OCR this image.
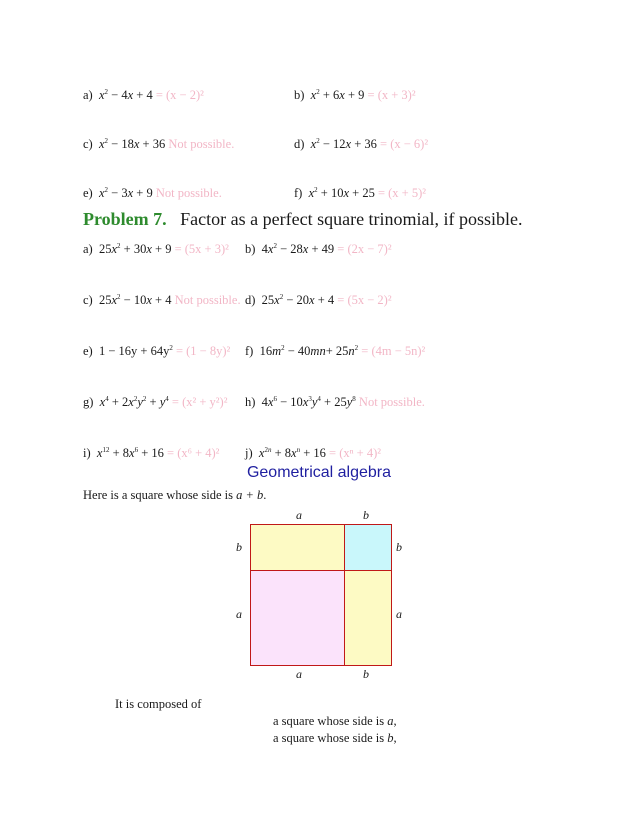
a) $x^2 - 4x + 4 = (x - 2)^2$	b) $x^2 + 6x + 9 = (x + 3)^2$
c) $x^2 - 18x + 36$ Not possible.	d) $x^2 - 12x + 36 = (x - 6)^2$
e) $x^2 - 3x + 9$ Not possible.	f) $x^2 + 10x + 25 = (x + 5)^2$
Problem 7. Factor as a perfect square trinomial, if possible.
a)  $25x^2 + 30x + 9 = (5x + 3)^2$ b)  $4x^2 - 28x + 49 = (2x - 7)^2$
c)  $25x^2 - 10x + 4$ Not possible. d)  $25x^2 - 20x + 4 = (5x - 2)^2$
e)  $1 - 16y + 64y^2 = (1 - 8y)^2$ f)  $16m^2 - 40mn+ 25n^2 = (4m - 5n)^2$
g) $x^4 + 2x^2y^2 + y^4 = (x^2 + y^2)^2$ h)  $4x^6 - 10x^3y^4 + 25y^8$ Not possible.
i) $x^{12} + 8x^6 + 16 = (x^6 + 4)^2$ j) $x^{2n} + 8x^n + 16 = (x^n + 4)^2$
Geometrical algebra
Here is a square whose side is a + b.
a	b
b	b
a	a
a	b
It is composed of
a square whose side is a,
a square whose side is b,
